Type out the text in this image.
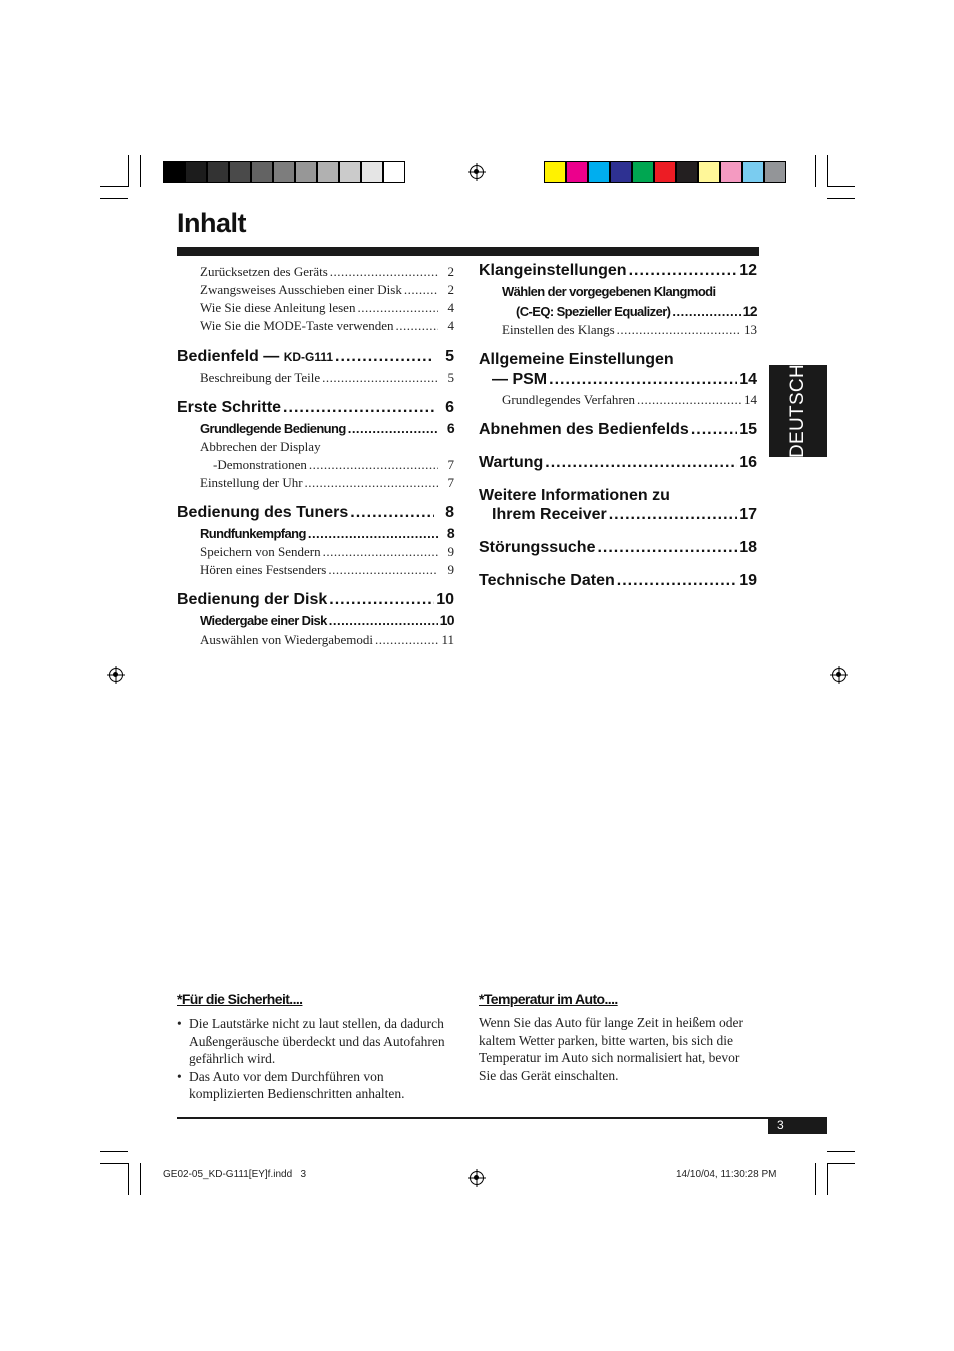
Inhalt
Zurücksetzen des Geräts .....	2
Zwangsweises Ausschieben einer Disk .....	2
Wie Sie diese Anleitung lesen .....	4
Wie Sie die MODE-Taste verwenden .....	4
Bedienfeld — KD-G111 .....	5
Beschreibung der Teile .....	5
Erste Schritte .....	6
Grundlegende Bedienung .....	6
Abbrechen der Display
-Demonstrationen .....	7
Einstellung der Uhr .....	7
Bedienung des Tuners .....	8
Rundfunkempfang .....	8
Speichern von Sendern .....	9
Hören eines Festsenders .....	9
Bedienung der Disk .....	10
Wiedergabe einer Disk .....	10
Auswählen von Wiedergabemodi .....	11
Klangeinstellungen .....	12
Wählen der vorgegebenen Klangmodi
(C-EQ: Spezieller Equalizer) .....	12
Einstellen des Klangs .....	13
Allgemeine Einstellungen
— PSM .....	14
Grundlegendes Verfahren .....	14
Abnehmen des Bedienfelds .....	15
Wartung .....	16
Weitere Informationen zu
Ihrem Receiver .....	17
Störungssuche .....	18
Technische Daten .....	19
DEUTSCH
*Für die Sicherheit....
• Die Lautstärke nicht zu laut stellen, da dadurch Außengeräusche überdeckt und das Autofahren gefährlich wird.
• Das Auto vor dem Durchführen von komplizierten Bedienschritten anhalten.
*Temperatur im Auto....
Wenn Sie das Auto für lange Zeit in heißem oder kaltem Wetter parken, bitte warten, bis sich die Temperatur im Auto sich normalisiert hat, bevor Sie das Gerät einschalten.
3
GE02-05_KD-G111[EY]f.indd   3	14/10/04, 11:30:28 PM
